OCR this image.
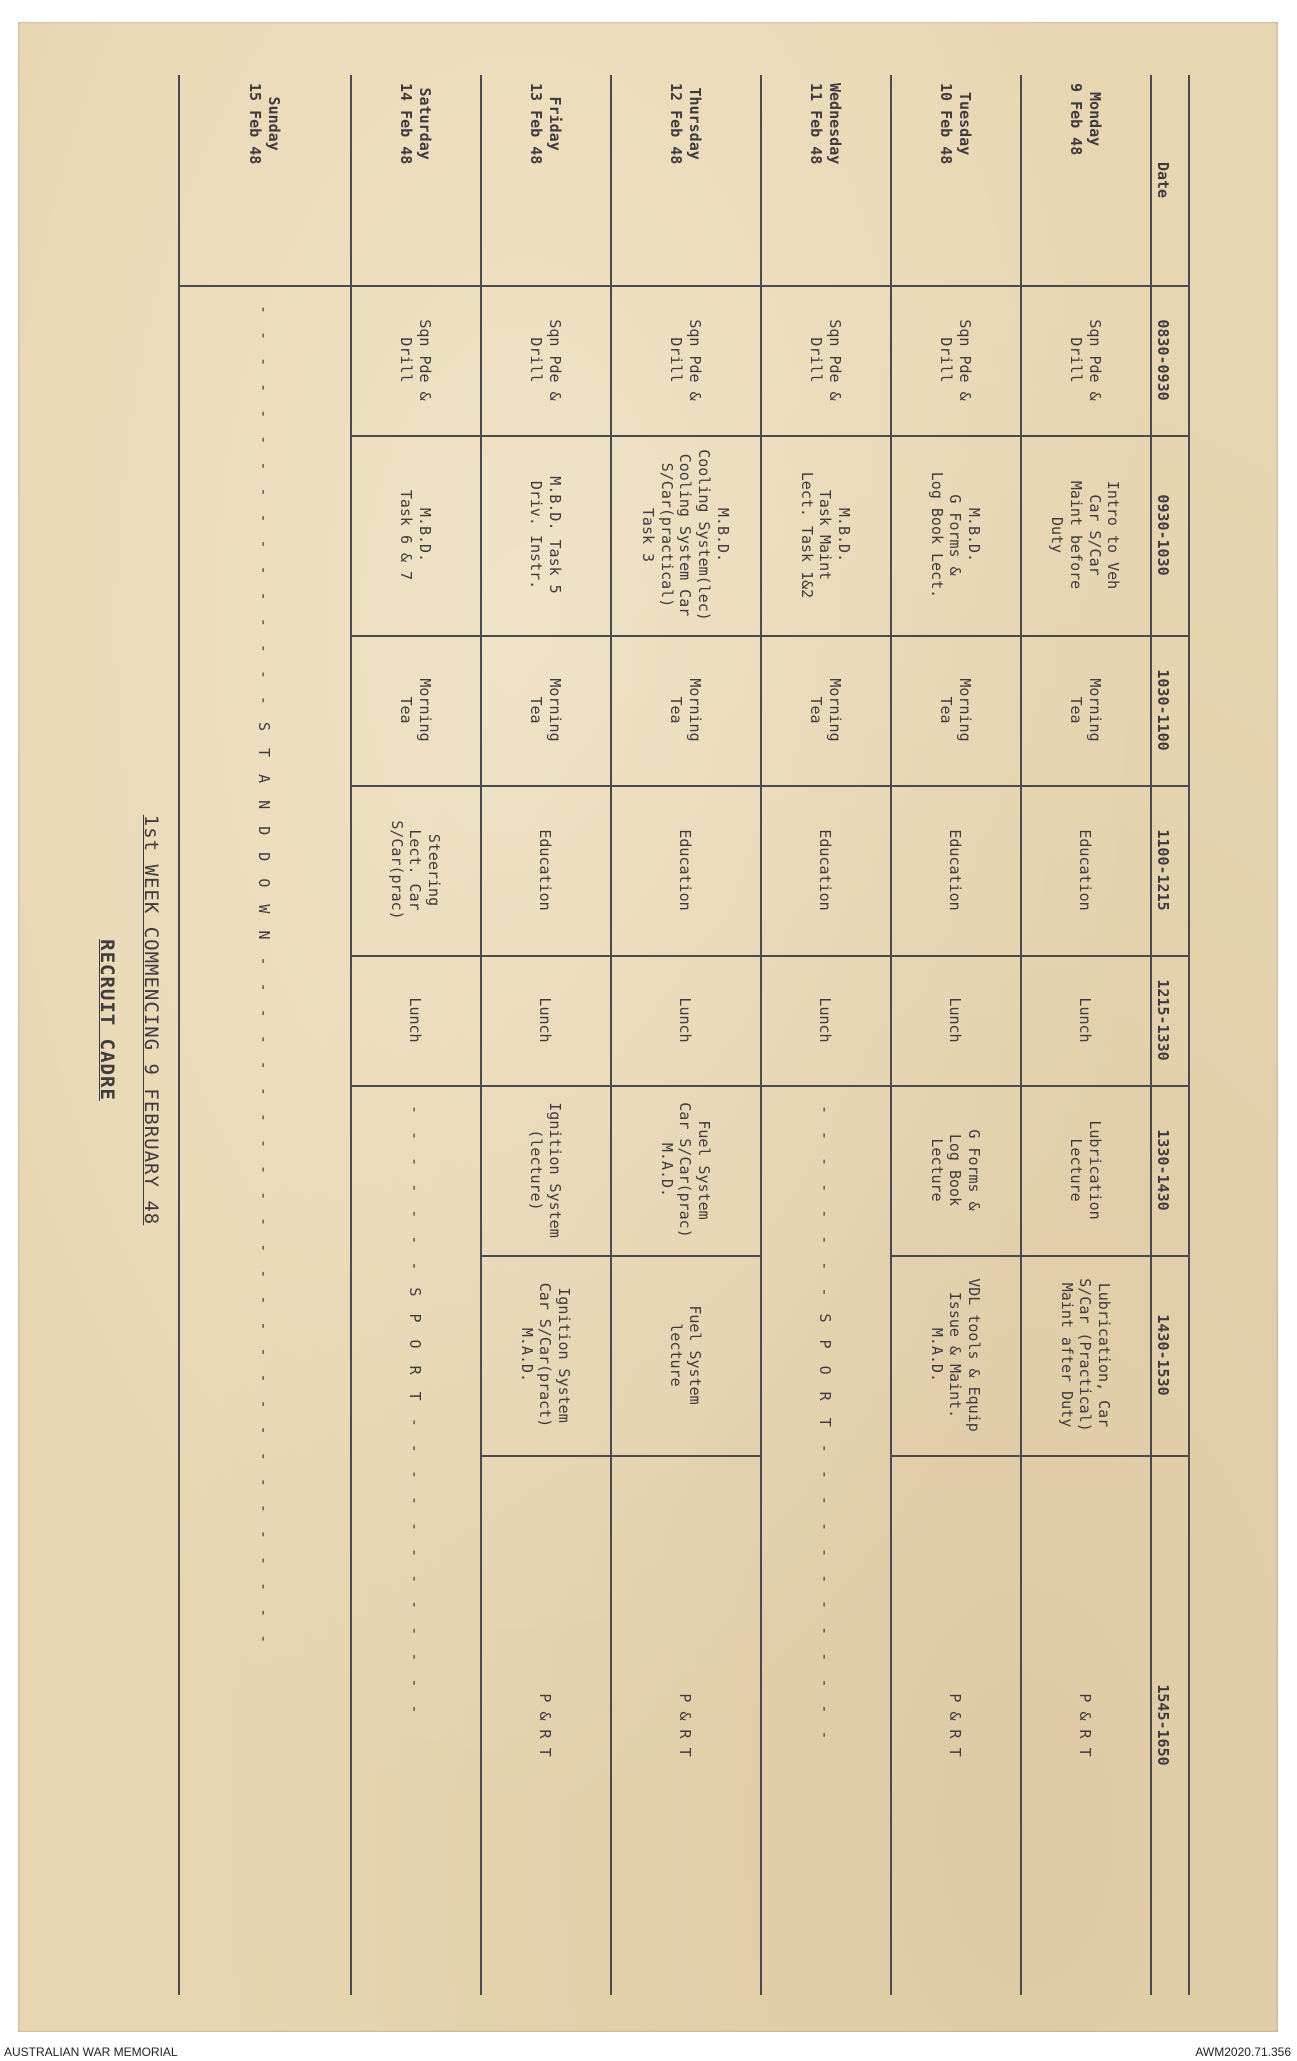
RECRUIT CADRE 1st WEEK COMMENCING 9 FEBRUARY 48
Date
0830-0930
0930-1030
1030-1100
1100-1215
1215-1330
1330-1430
1430-1530
1545-1650
Monday
9 Feb 48
Sqn Pde &
Drill
Intro to Veh
Car S/Car
Maint before
Duty
Morning
Tea
Education
Lunch
Lubrication
Lecture
Lubrication, Car
S/Car (Practical)
Maint after Duty
P & R T
Tuesday
10 Feb 48
Sqn Pde &
Drill
M.B.D.
G Forms &
Log Book Lect.
Morning
Tea
Education
Lunch
G Forms &
Log Book
Lecture
VDL tools & Equip
Issue & Maint.
M.A.D.
P & R T
Wednesday
11 Feb 48
Sqn Pde &
Drill
M.B.D.
Task Maint
Lect. Task 1&2
Morning
Tea
Education
Lunch
- - - - - - - - S P O R T - - - - - - - - - - - -
Thursday
12 Feb 48
Sqn Pde &
Drill
M.B.D.
Cooling System(lec)
Cooling System Car
S/Car(practical)
Task 3
Morning
Tea
Education
Lunch
Fuel System
Car S/Car(prac)
M.A.D.
Fuel System
lecture
P & R T
Friday
13 Feb 48
Sqn Pde &
Drill
M.B.D. Task 5
Driv. Instr.
Morning
Tea
Education
Lunch
Ignition System
(lecture)
Ignition System
Car S/Car(pract)
M.A.D.
P & R T
Saturday
14 Feb 48
Sqn Pde &
Drill
M.B.D.
Task 6 & 7
Morning
Tea
Steering
Lect. Car
S/Car(prac)
Lunch
- - - - - - - S P O R T - - - - - - - - - - - -
Sunday
15 Feb 48
- - - - - - - - - - - - - - - - S T A N D D O W N - - - - - - - - - - - - - - - - - - - - - - - - - - -
AUSTRALIAN WAR MEMORIAL	AWM2020.71.356
